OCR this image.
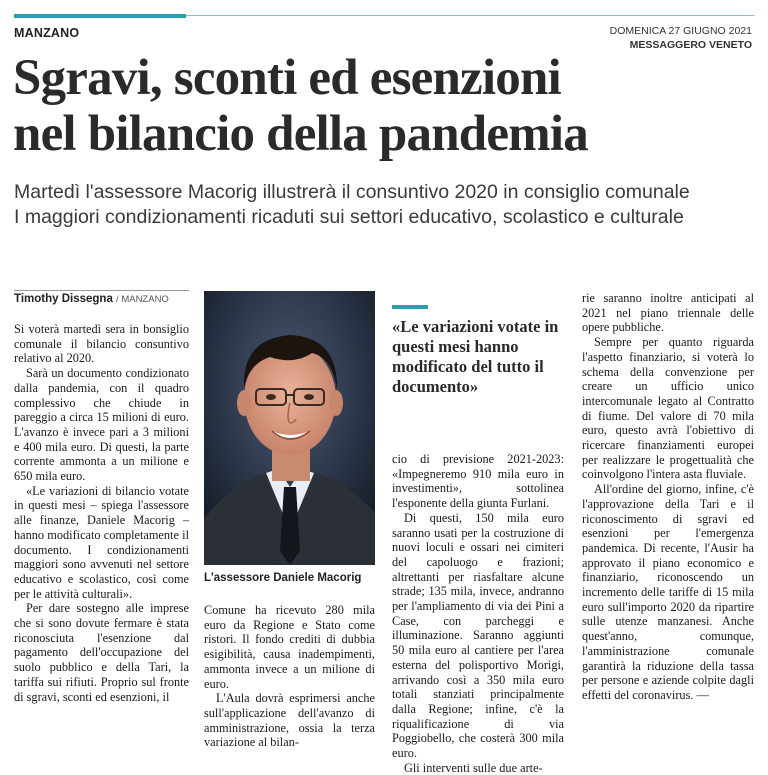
MANZANO	DOMENICA 27 GIUGNO 2021
MESSAGGERO VENETO
Sgravi, sconti ed esenzioni
nel bilancio della pandemia
Martedì l'assessore Macorig illustrerà il consuntivo 2020 in consiglio comunale
I maggiori condizionamenti ricaduti sui settori educativo, scolastico e culturale
Timothy Dissegna / MANZANO

Si voterà martedì sera in bonsiglio comunale il bilancio consuntivo relativo al 2020.

Sarà un documento condizionato dalla pandemia, con il quadro complessivo che chiude in pareggio a circa 15 milioni di euro. L'avanzo è invece pari a 3 milioni e 400 mila euro. Di questi, la parte corrente ammonta a un milione e 650 mila euro.

«Le variazioni di bilancio votate in questi mesi – spiega l'assessore alle finanze, Daniele Macorig – hanno modificato completamente il documento. I condizionamenti maggiori sono avvenuti nel settore educativo e scolastico, così come per le attività culturali».

Per dare sostegno alle imprese che si sono dovute fermare è stata riconosciuta l'esenzione dal pagamento dell'occupazione del suolo pubblico e della Tari, la tariffa sui rifiuti. Proprio sul fronte di sgravi, sconti ed esenzioni, il

L'assessore Daniele Macorig

Comune ha ricevuto 280 mila euro da Regione e Stato come ristori. Il fondo crediti di dubbia esigibilità, causa inadempimenti, ammonta invece a un milione di euro.

L'Aula dovrà esprimersi anche sull'applicazione dell'avanzo di amministrazione, ossia la terza variazione al bilan-

«Le variazioni votate in questi mesi hanno modificato del tutto il documento»

cio di previsione 2021-2023: «Impegneremo 910 mila euro in investimenti», sottolinea l'esponente della giunta Furlani.

Di questi, 150 mila euro saranno usati per la costruzione di nuovi loculi e ossari nei cimiteri del capoluogo e frazioni; altrettanti per riasfaltare alcune strade; 135 mila, invece, andranno per l'ampliamento di via dei Pini a Case, con parcheggi e illuminazione. Saranno aggiunti 50 mila euro al cantiere per l'area esterna del polisportivo Morigi, arrivando così a 350 mila euro totali stanziati principalmente dalla Regione; infine, c'è la riqualificazione di via Poggiobello, che costerà 300 mila euro.

Gli interventi sulle due arte-

rie saranno inoltre anticipati al 2021 nel piano triennale delle opere pubbliche.

Sempre per quanto riguarda l'aspetto finanziario, si voterà lo schema della convenzione per creare un ufficio unico intercomunale legato al Contratto di fiume. Del valore di 70 mila euro, questo avrà l'obiettivo di ricercare finanziamenti europei per realizzare le progettualità che coinvolgono l'intera asta fluviale.

All'ordine del giorno, infine, c'è l'approvazione della Tari e il riconoscimento di sgravi ed esenzioni per l'emergenza pandemica. Di recente, l'Ausir ha approvato il piano economico e finanziario, riconoscendo un incremento delle tariffe di 15 mila euro sull'importo 2020 da ripartire sulle utenze manzanesi. Anche quest'anno, comunque, l'amministrazione comunale garantirà la riduzione della tassa per persone e aziende colpite dagli effetti del coronavirus. —
